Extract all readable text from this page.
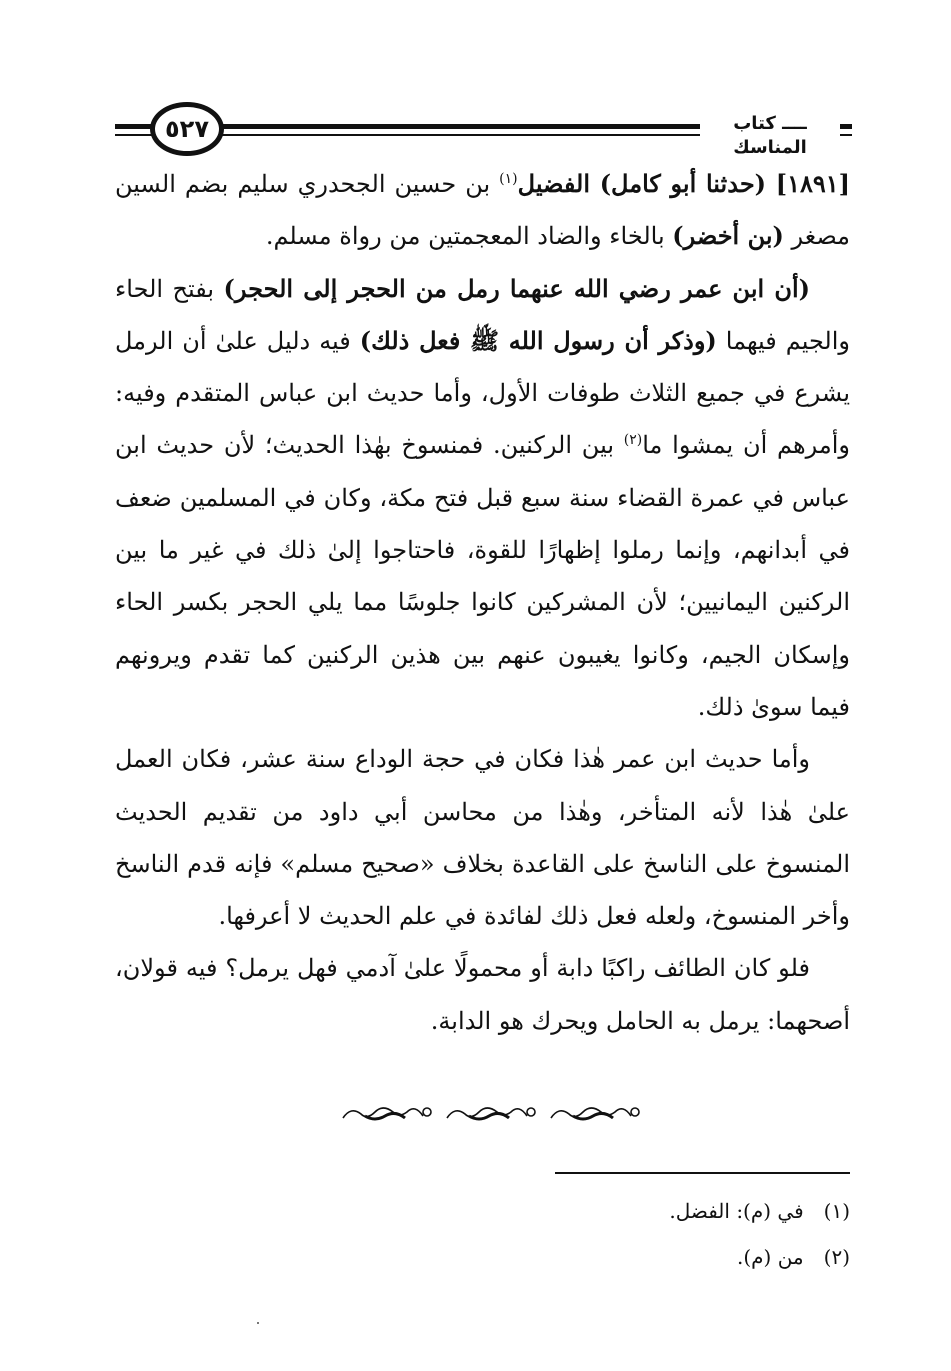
ــــ كتاب المناسك
٥٢٧

[١٨٩١] (حدثنا أبو كامل) الفضيل$^{(١)}$ بن حسين الجحدري سليم بضم السين مصغر (بن أخضر) بالخاء والضاد المعجمتين من رواة مسلم.

(أن ابن عمر رضي الله عنهما رمل من الحجر إلى الحجر) بفتح الحاء والجيم فيهما (وذكر أن رسول الله ﷺ فعل ذلك) فيه دليل علىٰ أن الرمل يشرع في جميع الثلاث طوفات الأول، وأما حديث ابن عباس المتقدم وفيه: وأمرهم أن يمشوا ما$^{(٢)}$ بين الركنين. فمنسوخ بهٰذا الحديث؛ لأن حديث ابن عباس في عمرة القضاء سنة سبع قبل فتح مكة، وكان في المسلمين ضعف في أبدانهم، وإنما رملوا إظهارًا للقوة، فاحتاجوا إلىٰ ذلك في غير ما بين الركنين اليمانيين؛ لأن المشركين كانوا جلوسًا مما يلي الحجر بكسر الحاء وإسكان الجيم، وكانوا يغيبون عنهم بين هذين الركنين كما تقدم ويرونهم فيما سوىٰ ذلك.

وأما حديث ابن عمر هٰذا فكان في حجة الوداع سنة عشر، فكان العمل علىٰ هٰذا لأنه المتأخر، وهٰذا من محاسن أبي داود من تقديم الحديث المنسوخ على الناسخ على القاعدة بخلاف «صحيح مسلم» فإنه قدم الناسخ وأخر المنسوخ، ولعله فعل ذلك لفائدة في علم الحديث لا أعرفها.

فلو كان الطائف راكبًا دابة أو محمولًا علىٰ آدمي فهل يرمل؟ فيه قولان، أصحهما: يرمل به الحامل ويحرك هو الدابة.

(١) في (م): الفضل.

(٢) من (م).
